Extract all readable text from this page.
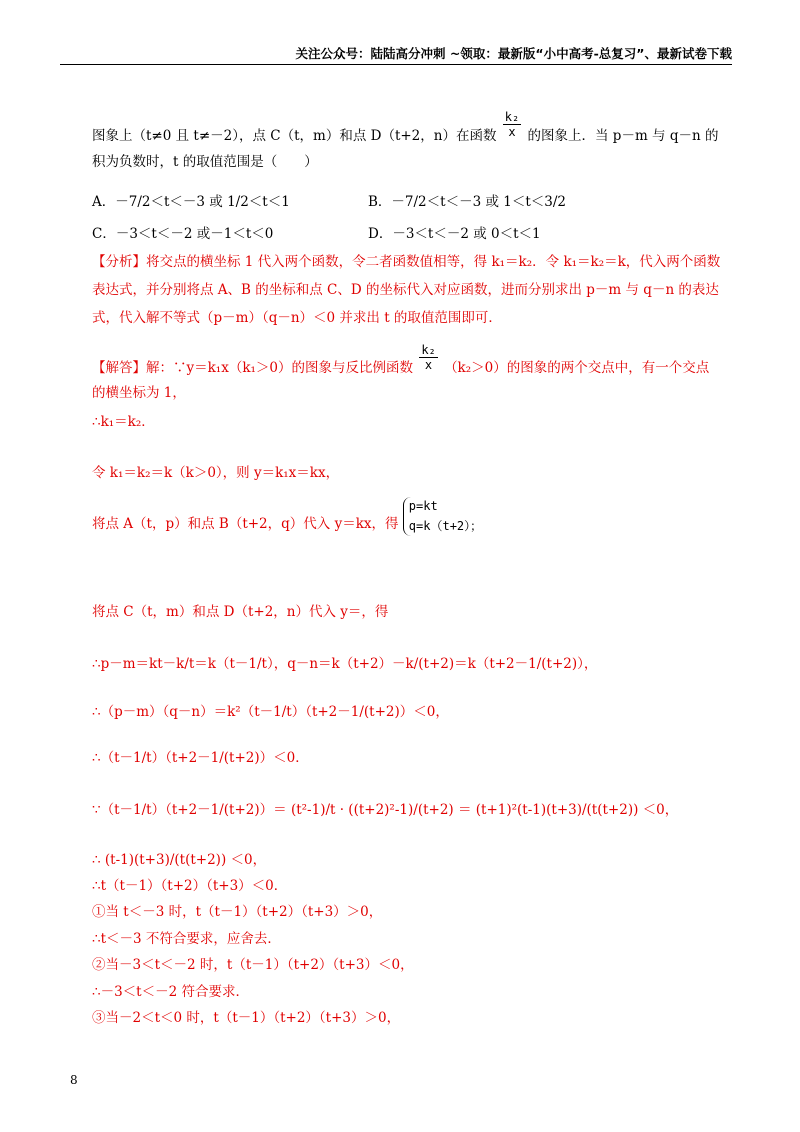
关注公众号：陆陆高分冲刺 ~领取：最新版“小中高考-总复习”、最新试卷下载
图象上（t≠0 且 t≠－2），点 C（t，m）和点 D（t+2，n）在函数 $\frac{\text{k₂}}{x}$ 的图象上．当 p－m 与 q－n 的
积为负数时，t 的取值范围是（　　）
A．－7/2＜t＜－3 或 1/2＜t＜1	B．－7/2＜t＜－3 或 1＜t＜3/2
C．－3＜t＜－2 或－1＜t＜0	D．－3＜t＜－2 或 0＜t＜1
【分析】将交点的横坐标 1 代入两个函数，令二者函数值相等，得 k₁＝k₂．令 k₁＝k₂＝k，代入两个函数
表达式，并分别将点 A、B 的坐标和点 C、D 的坐标代入对应函数，进而分别求出 p－m 与 q－n 的表达
式，代入解不等式（p－m）（q－n）＜0 并求出 t 的取值范围即可．
【解答】解：∵y＝k₁x（k₁＞0）的图象与反比例函数 $\frac{\text{k₂}}{x} (k_2>0)$的图象的两个交点中，有一个交点
的横坐标为 1，
∴k₁＝k₂．
令 k₁＝k₂＝k（k＞0），则 y＝k₁x＝kx，
将点 A（t，p）和点 B（t+2，q）代入 y＝kx，得
p=kt
q=k（t+2）；
将点 C（t，m）和点 D（t+2，n）代入 y＝，得
∴p－m＝kt－k/t＝k（t－1/t），q－n＝k（t+2）－k/(t+2)＝k（t+2－1/(t+2)），
∴（p－m）（q－n）＝k²（t－1/t）（t+2－1/(t+2)）＜0，
∴（t－1/t）（t+2－1/(t+2)）＜0．
∵（t－1/t）（t+2－1/(t+2)）＝ (t²-1)/t · ((t+2)²-1)/(t+2) ＝ (t+1)²(t-1)(t+3)/(t(t+2)) ＜0，
∴ (t-1)(t+3)/(t(t+2)) ＜0，
∴t（t－1）（t+2）（t+3）＜0．
①当 t＜－3 时，t（t－1）（t+2）（t+3）＞0，
∴t＜－3 不符合要求，应舍去．
②当－3＜t＜－2 时，t（t－1）（t+2）（t+3）＜0，
∴－3＜t＜－2 符合要求．
③当－2＜t＜0 时，t（t－1）（t+2）（t+3）＞0，
8
